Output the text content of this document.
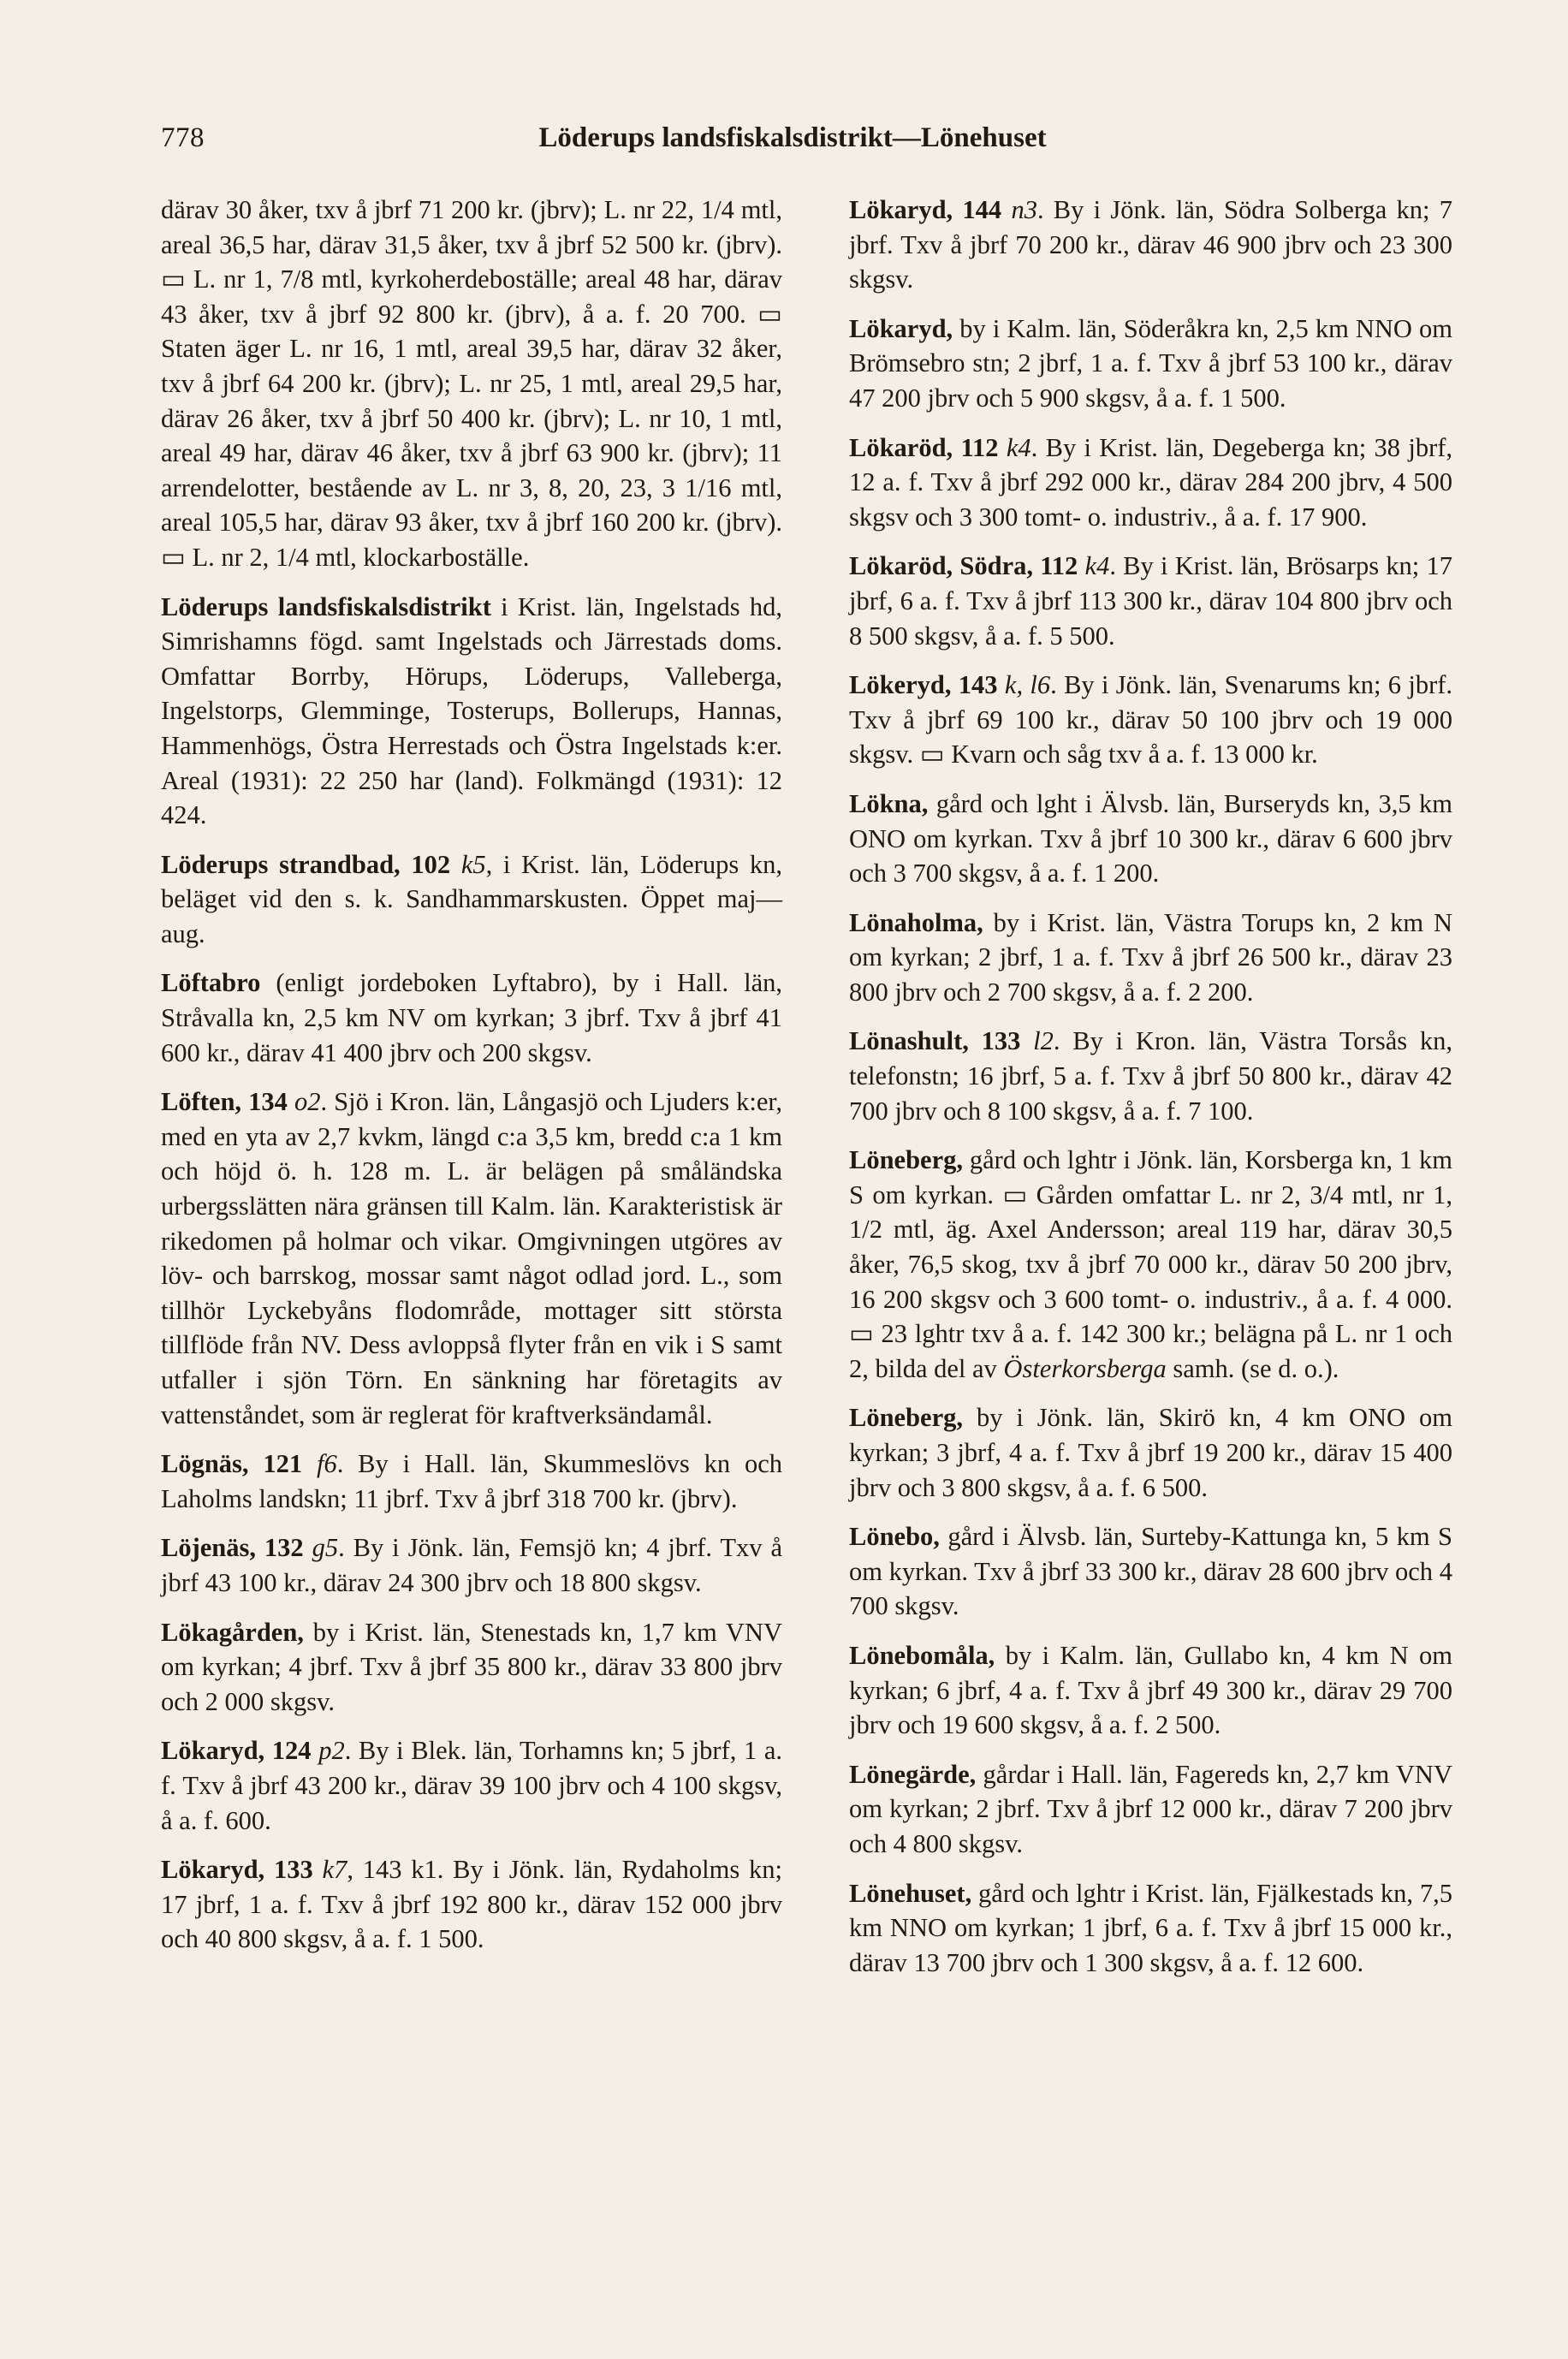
778	Löderups landsfiskalsdistrikt—Lönehuset

därav 30 åker, txv å jbrf 71 200 kr. (jbrv); L. nr 22, 1/4 mtl, areal 36,5 har, därav 31,5 åker, txv å jbrf 52 500 kr. (jbrv). ▭ L. nr 1, 7/8 mtl, kyrkoherdeboställe; areal 48 har, därav 43 åker, txv å jbrf 92 800 kr. (jbrv), å a. f. 20 700. ▭ Staten äger L. nr 16, 1 mtl, areal 39,5 har, därav 32 åker, txv å jbrf 64 200 kr. (jbrv); L. nr 25, 1 mtl, areal 29,5 har, därav 26 åker, txv å jbrf 50 400 kr. (jbrv); L. nr 10, 1 mtl, areal 49 har, därav 46 åker, txv å jbrf 63 900 kr. (jbrv); 11 arrendelotter, bestående av L. nr 3, 8, 20, 23, 3 1/16 mtl, areal 105,5 har, därav 93 åker, txv å jbrf 160 200 kr. (jbrv). ▭ L. nr 2, 1/4 mtl, klockarboställe.

Löderups landsfiskalsdistrikt i Krist. län, Ingelstads hd, Simrishamns fögd. samt Ingelstads och Järrestads doms. Omfattar Borrby, Hörups, Löderups, Valleberga, Ingelstorps, Glemminge, Tosterups, Bollerups, Hannas, Hammenhögs, Östra Herrestads och Östra Ingelstads k:er. Areal (1931): 22 250 har (land). Folkmängd (1931): 12 424.

Löderups strandbad, 102 k5, i Krist. län, Löderups kn, beläget vid den s. k. Sandhammarskusten. Öppet maj—aug.

Löftabro (enligt jordeboken Lyftabro), by i Hall. län, Stråvalla kn, 2,5 km NV om kyrkan; 3 jbrf. Txv å jbrf 41 600 kr., därav 41 400 jbrv och 200 skgsv.

Löften, 134 o2. Sjö i Kron. län, Långasjö och Ljuders k:er, med en yta av 2,7 kvkm, längd c:a 3,5 km, bredd c:a 1 km och höjd ö. h. 128 m. L. är belägen på småländska urbergsslätten nära gränsen till Kalm. län. Karakteristisk är rikedomen på holmar och vikar. Omgivningen utgöres av löv- och barrskog, mossar samt något odlad jord. L., som tillhör Lyckebyåns flodområde, mottager sitt största tillflöde från NV. Dess avloppså flyter från en vik i S samt utfaller i sjön Törn. En sänkning har företagits av vattenståndet, som är reglerat för kraftverksändamål.

Lögnäs, 121 f6. By i Hall. län, Skummeslövs kn och Laholms landskn; 11 jbrf. Txv å jbrf 318 700 kr. (jbrv).

Löjenäs, 132 g5. By i Jönk. län, Femsjö kn; 4 jbrf. Txv å jbrf 43 100 kr., därav 24 300 jbrv och 18 800 skgsv.

Lökagården, by i Krist. län, Stenestads kn, 1,7 km VNV om kyrkan; 4 jbrf. Txv å jbrf 35 800 kr., därav 33 800 jbrv och 2 000 skgsv.

Lökaryd, 124 p2. By i Blek. län, Torhamns kn; 5 jbrf, 1 a. f. Txv å jbrf 43 200 kr., därav 39 100 jbrv och 4 100 skgsv, å a. f. 600.

Lökaryd, 133 k7, 143 k1. By i Jönk. län, Rydaholms kn; 17 jbrf, 1 a. f. Txv å jbrf 192 800 kr., därav 152 000 jbrv och 40 800 skgsv, å a. f. 1 500.

Lökaryd, 144 n3. By i Jönk. län, Södra Solberga kn; 7 jbrf. Txv å jbrf 70 200 kr., därav 46 900 jbrv och 23 300 skgsv.

Lökaryd, by i Kalm. län, Söderåkra kn, 2,5 km NNO om Brömsebro stn; 2 jbrf, 1 a. f. Txv å jbrf 53 100 kr., därav 47 200 jbrv och 5 900 skgsv, å a. f. 1 500.

Lökaröd, 112 k4. By i Krist. län, Degeberga kn; 38 jbrf, 12 a. f. Txv å jbrf 292 000 kr., därav 284 200 jbrv, 4 500 skgsv och 3 300 tomt- o. industriv., å a. f. 17 900.

Lökaröd, Södra, 112 k4. By i Krist. län, Brösarps kn; 17 jbrf, 6 a. f. Txv å jbrf 113 300 kr., därav 104 800 jbrv och 8 500 skgsv, å a. f. 5 500.

Lökeryd, 143 k, l6. By i Jönk. län, Svenarums kn; 6 jbrf. Txv å jbrf 69 100 kr., därav 50 100 jbrv och 19 000 skgsv. ▭ Kvarn och såg txv å a. f. 13 000 kr.

Lökna, gård och lght i Älvsb. län, Burseryds kn, 3,5 km ONO om kyrkan. Txv å jbrf 10 300 kr., därav 6 600 jbrv och 3 700 skgsv, å a. f. 1 200.

Lönaholma, by i Krist. län, Västra Torups kn, 2 km N om kyrkan; 2 jbrf, 1 a. f. Txv å jbrf 26 500 kr., därav 23 800 jbrv och 2 700 skgsv, å a. f. 2 200.

Lönashult, 133 l2. By i Kron. län, Västra Torsås kn, telefonstn; 16 jbrf, 5 a. f. Txv å jbrf 50 800 kr., därav 42 700 jbrv och 8 100 skgsv, å a. f. 7 100.

Löneberg, gård och lghtr i Jönk. län, Korsberga kn, 1 km S om kyrkan. ▭ Gården omfattar L. nr 2, 3/4 mtl, nr 1, 1/2 mtl, äg. Axel Andersson; areal 119 har, därav 30,5 åker, 76,5 skog, txv å jbrf 70 000 kr., därav 50 200 jbrv, 16 200 skgsv och 3 600 tomt- o. industriv., å a. f. 4 000. ▭ 23 lghtr txv å a. f. 142 300 kr.; belägna på L. nr 1 och 2, bilda del av Österkorsberga samh. (se d. o.).

Löneberg, by i Jönk. län, Skirö kn, 4 km ONO om kyrkan; 3 jbrf, 4 a. f. Txv å jbrf 19 200 kr., därav 15 400 jbrv och 3 800 skgsv, å a. f. 6 500.

Lönebo, gård i Älvsb. län, Surteby-Kattunga kn, 5 km S om kyrkan. Txv å jbrf 33 300 kr., därav 28 600 jbrv och 4 700 skgsv.

Lönebomåla, by i Kalm. län, Gullabo kn, 4 km N om kyrkan; 6 jbrf, 4 a. f. Txv å jbrf 49 300 kr., därav 29 700 jbrv och 19 600 skgsv, å a. f. 2 500.

Lönegärde, gårdar i Hall. län, Fagereds kn, 2,7 km VNV om kyrkan; 2 jbrf. Txv å jbrf 12 000 kr., därav 7 200 jbrv och 4 800 skgsv.

Lönehuset, gård och lghtr i Krist. län, Fjälkestads kn, 7,5 km NNO om kyrkan; 1 jbrf, 6 a. f. Txv å jbrf 15 000 kr., därav 13 700 jbrv och 1 300 skgsv, å a. f. 12 600.
